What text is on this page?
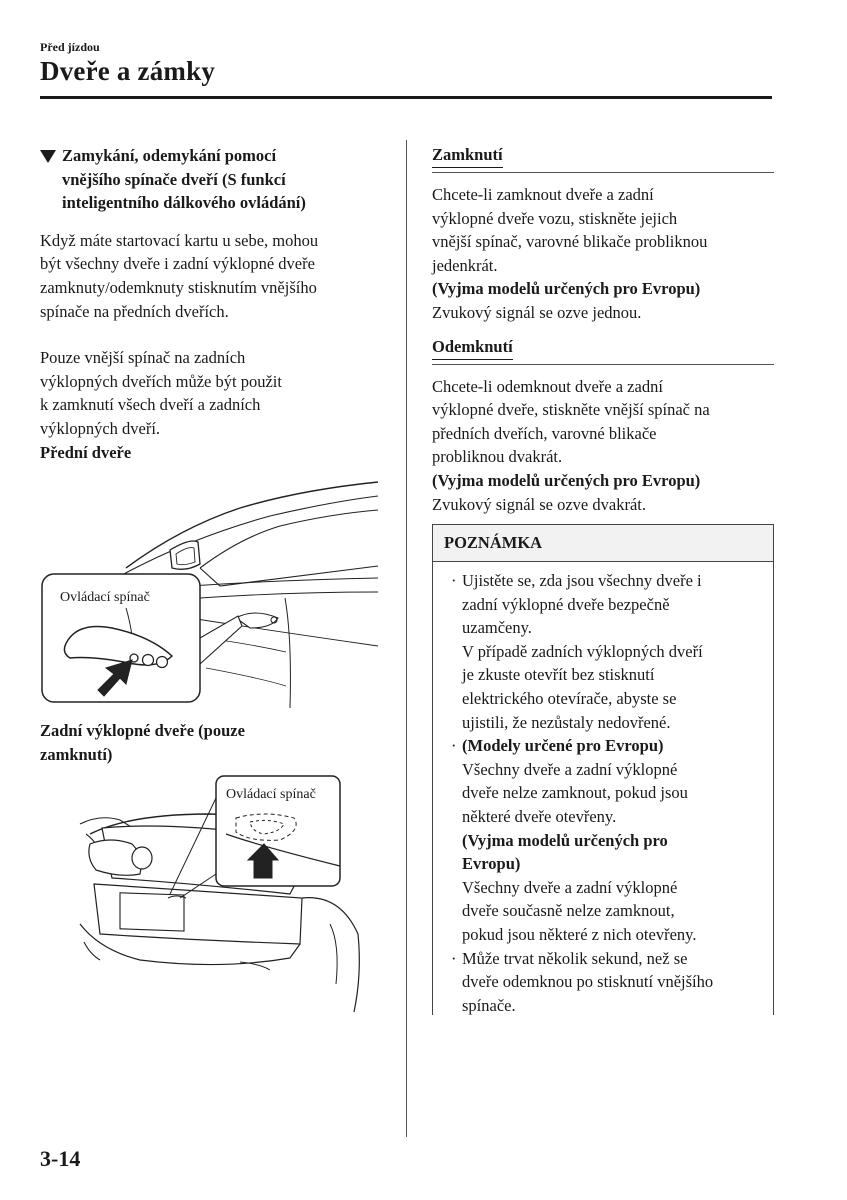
Před jízdou
Dveře a zámky
Zamykání, odemykání pomocí
vnějšího spínače dveří (S funkcí
inteligentního dálkového ovládání)

Když máte startovací kartu u sebe, mohou

být všechny dveře i zadní výklopné dveře

zamknuty/odemknuty stisknutím vnějšího

spínače na předních dveřích.

Pouze vnější spínač na zadních

výklopných dveřích může být použit

k zamknutí všech dveří a zadních

výklopných dveří.

Přední dveře

Ovládací spínač

Zadní výklopné dveře (pouze

zamknutí)

Ovládací spínač
Zamknutí

Chcete-li zamknout dveře a zadní

výklopné dveře vozu, stiskněte jejich

vnější spínač, varovné blikače probliknou

jedenkrát.

(Vyjma modelů určených pro Evropu)

Zvukový signál se ozve jednou.

Odemknutí

Chcete-li odemknout dveře a zadní

výklopné dveře, stiskněte vnější spínač na

předních dveřích, varovné blikače

probliknou dvakrát.

(Vyjma modelů určených pro Evropu)

Zvukový signál se ozve dvakrát.

POZNÁMKA
· Ujistěte se, zda jsou všechny dveře i

zadní výklopné dveře bezpečně

uzamčeny.

V případě zadních výklopných dveří

je zkuste otevřít bez stisknutí

elektrického otevírače, abyste se

ujistili, že nezůstaly nedovřené.

· (Modely určené pro Evropu)

Všechny dveře a zadní výklopné

dveře nelze zamknout, pokud jsou

některé dveře otevřeny.

(Vyjma modelů určených pro

Evropu)

Všechny dveře a zadní výklopné

dveře současně nelze zamknout,

pokud jsou některé z nich otevřeny.

· Může trvat několik sekund, než se

dveře odemknou po stisknutí vnějšího

spínače.

3-14
